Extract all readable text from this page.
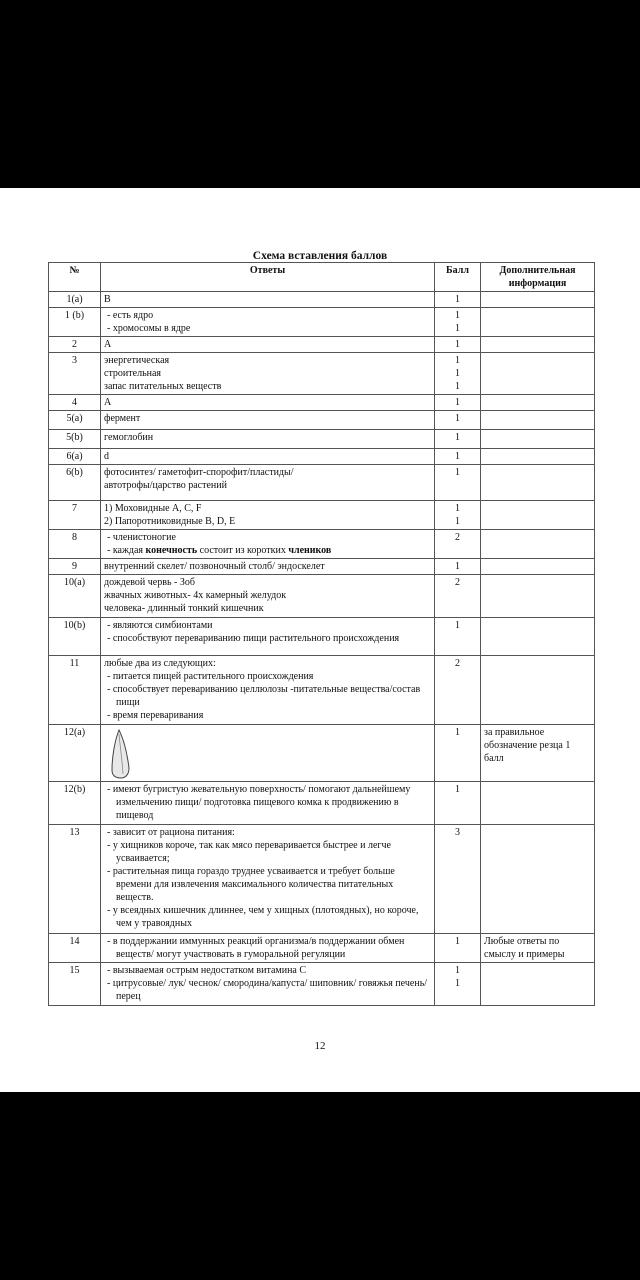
Схема вставления баллов
№	Ответы	Балл	Дополнительная информация
1(a)	B	1	

1 (b)	- есть ядро
- хромосомы в ядре	1
1	

2	A	1	

3	энергетическая
строительная
запас питательных веществ	1
1
1	

4	A	1	

5(a)	фермент	1	

5(b)	гемоглобин	1	

6(a)	d	1	

6(b)	фотосинтез/ гаметофит-спорофит/пластиды/
автотрофы/царство растений	1	

7	1) Моховидные A, C, F
2) Папоротниковидные B, D, E	1
1	

8	- членистоногие
- каждая конечность состоит из коротких члеников	2	

9	внутренний скелет/ позвоночный столб/ эндоскелет	1	

10(a)	дождевой червь - Зоб
жвачных животных- 4х камерный желудок
человека- длинный тонкий кишечник	2	

10(b)	- являются симбионтами
- способствуют перевариванию пищи растительного происхождения	1	

11	любые два из следующих:
- питается пищей растительного происхождения
- способствует перевариванию целлюлозы -питательные вещества/состав пищи
- время переваривания	2	

12(a)		1	за правильное обозначение резца 1 балл
12(b)	- имеют бугристую жевательную поверхность/ помогают дальнейшему измельчению пищи/ подготовка пищевого комка к продвижению в пищевод	1	

13	- зависит от рациона питания:
- у хищников короче, так как мясо переваривается быстрее и легче усваивается;
- растительная пища гораздо труднее усваивается и требует больше времени для извлечения максимального количества питательных веществ.
- у всеядных кишечник длиннее, чем у хищных (плотоядных), но короче, чем у травоядных	3	

14	- в поддержании иммунных реакций организма/в поддержании обмен веществ/ могут участвовать в гуморальной регуляции	1	Любые ответы по смыслу и примеры
15	- вызываемая острым недостатком витамина С
- цитрусовые/ лук/ чеснок/ смородина/капуста/ шиповник/ говяжья печень/ перец	1
1	

12
